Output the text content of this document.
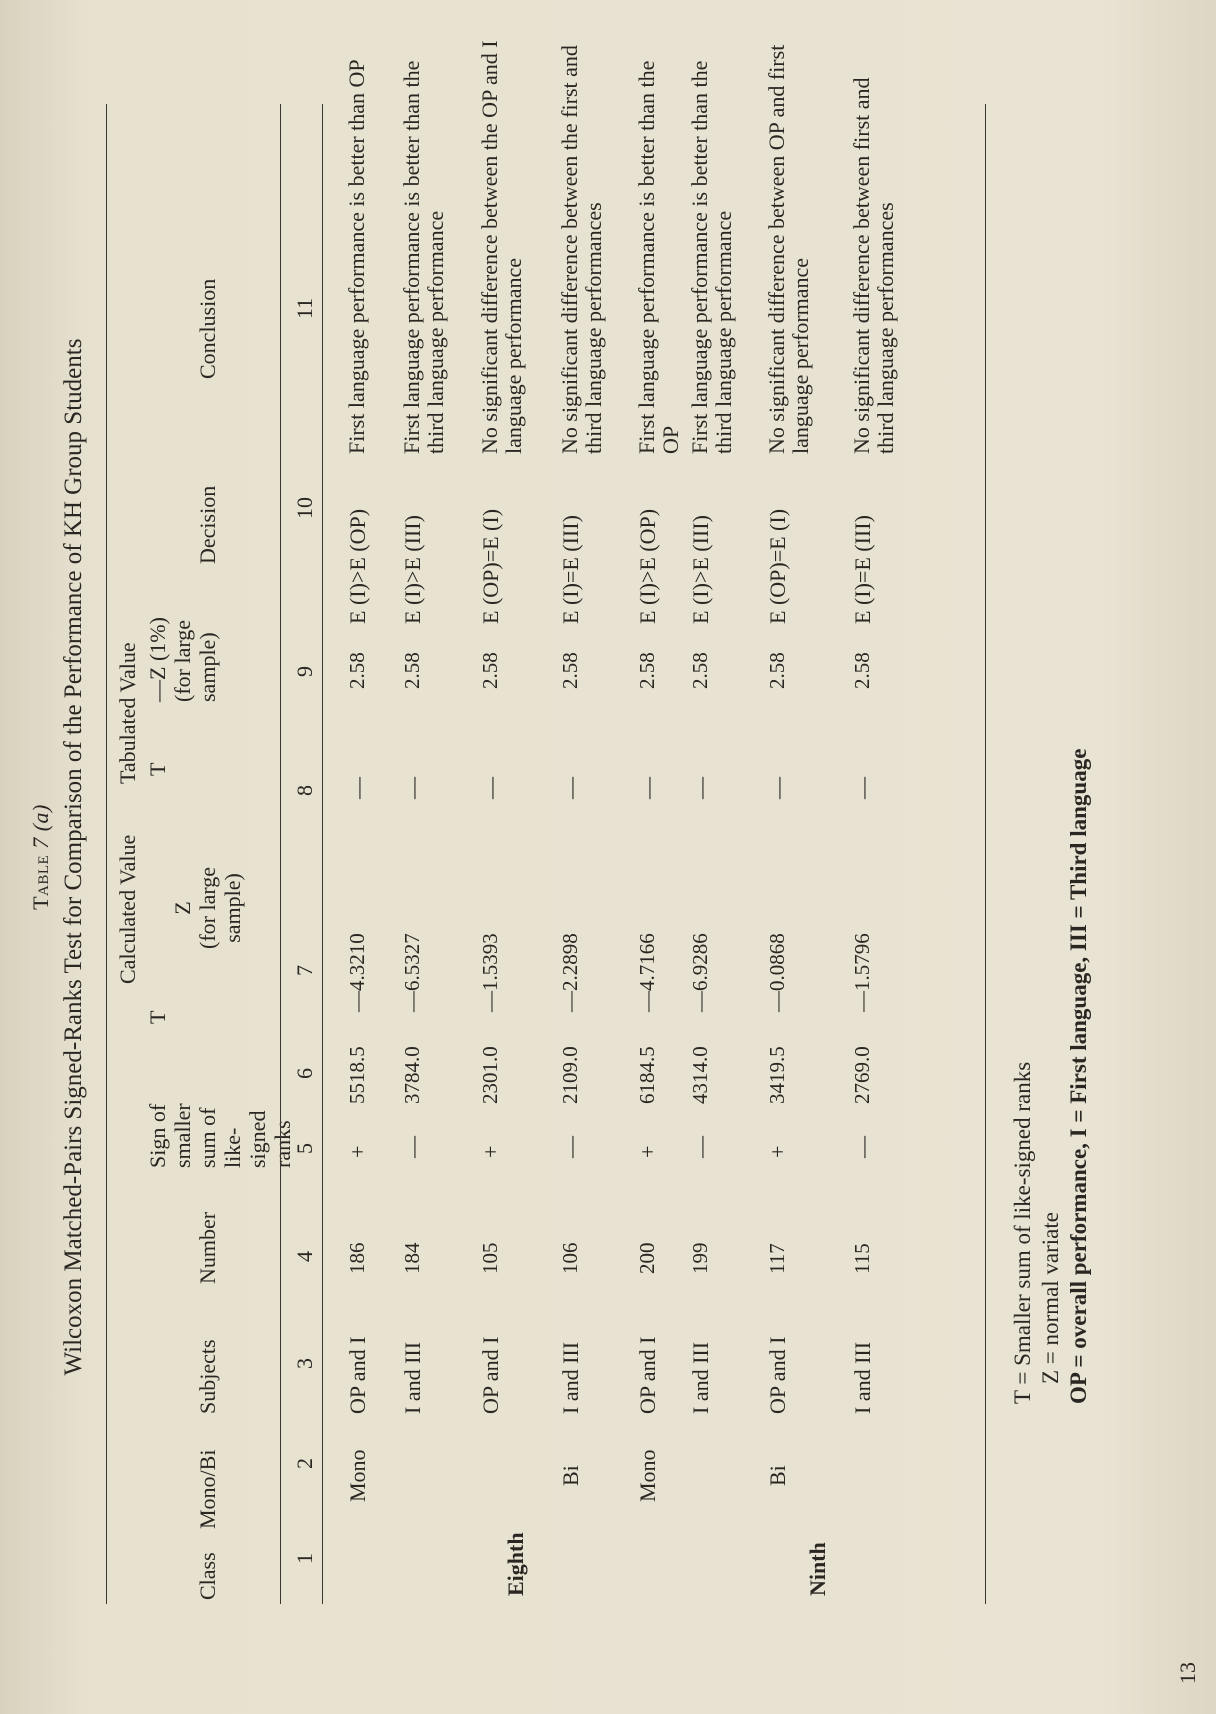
Table 7 (a) Wilcoxon Matched-Pairs Signed-Ranks Test for Comparison of the Performance of KH Group Students Calculated Value
Tabulated Value
Class
Mono/Bi
Subjects
Number
Sign of smaller sum of like- signed ranks
T
Z (for large sample)
T
—Z (1%) (for large sample)
Decision
Conclusion
1
2
3
4
5
6
7
8
9
10
11
Eighth	Ninth
Mono
OP and I
186
+
5518.5
—4.3210
—
2.58
E (I)>E (OP)
First language performance is better than OP
I and III
184
—
3784.0
—6.5327
—
2.58
E (I)>E (III)
First language performance is better than the third language performance
OP and I
105
+
2301.0
—1.5393
—
2.58
E (OP)=E (I)
No significant difference between the OP and I language performance
Bi
I and III
106
—
2109.0
—2.2898
—
2.58
E (I)=E (III)
No significant difference between the first and third language performances
Mono
OP and I
200
+
6184.5
—4.7166
—
2.58
E (I)>E (OP)
First language performance is better than the OP
I and III
199
—
4314.0
—6.9286
—
2.58
E (I)>E (III)
First language performance is better than the third language performance
Bi
OP and I
117
+
3419.5
—0.0868
—
2.58
E (OP)=E (I)
No significant difference between OP and first language performance
I and III
115
—
2769.0
—1.5796
—
2.58
E (I)=E (III)
No significant difference between first and third language performances
T = Smaller sum of like-signed ranks Z = normal variate OP = overall performance, I = First language, III = Third language
13
